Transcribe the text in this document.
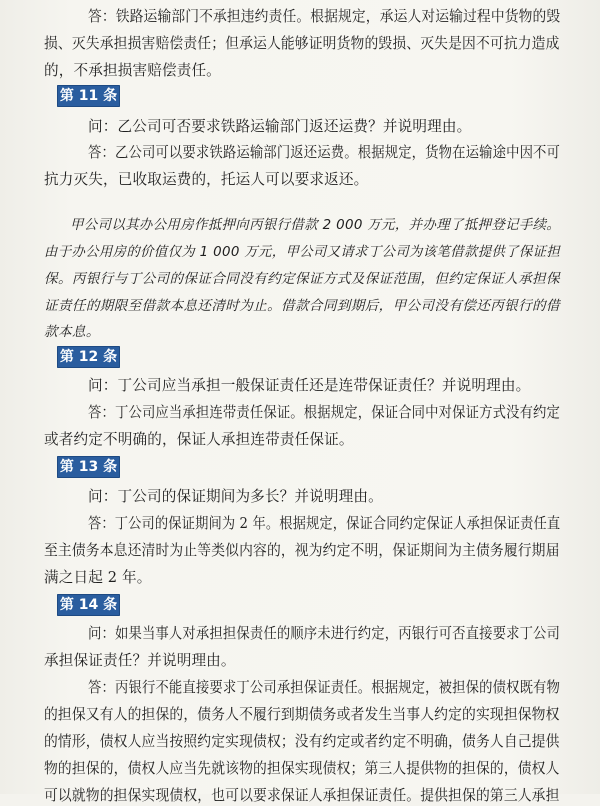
答：铁路运输部门不承担违约责任。根据规定，承运人对运输过程中货物的毁
损、灭失承担损害赔偿责任；但承运人能够证明货物的毁损、灭失是因不可抗力造成
的，不承担损害赔偿责任。
第 11 条
问：乙公司可否要求铁路运输部门返还运费？并说明理由。
答：乙公司可以要求铁路运输部门返还运费。根据规定，货物在运输途中因不可
抗力灭失，已收取运费的，托运人可以要求返还。
甲公司以其办公用房作抵押向丙银行借款 2 000 万元，并办理了抵押登记手续。
由于办公用房的价值仅为 1 000 万元，甲公司又请求丁公司为该笔借款提供了保证担
保。丙银行与丁公司的保证合同没有约定保证方式及保证范围，但约定保证人承担保
证责任的期限至借款本息还清时为止。借款合同到期后，甲公司没有偿还丙银行的借
款本息。
第 12 条
问：丁公司应当承担一般保证责任还是连带保证责任？并说明理由。
答：丁公司应当承担连带责任保证。根据规定，保证合同中对保证方式没有约定
或者约定不明确的，保证人承担连带责任保证。
第 13 条
问：丁公司的保证期间为多长？并说明理由。
答：丁公司的保证期间为 2 年。根据规定，保证合同约定保证人承担保证责任直
至主债务本息还清时为止等类似内容的，视为约定不明，保证期间为主债务履行期届
满之日起 2 年。
第 14 条
问：如果当事人对承担担保责任的顺序未进行约定，丙银行可否直接要求丁公司
承担保证责任？并说明理由。
答：丙银行不能直接要求丁公司承担保证责任。根据规定，被担保的债权既有物
的担保又有人的担保的，债务人不履行到期债务或者发生当事人约定的实现担保物权
的情形，债权人应当按照约定实现债权；没有约定或者约定不明确，债务人自己提供
物的担保的，债权人应当先就该物的担保实现债权；第三人提供物的担保的，债权人
可以就物的担保实现债权，也可以要求保证人承担保证责任。提供担保的第三人承担
